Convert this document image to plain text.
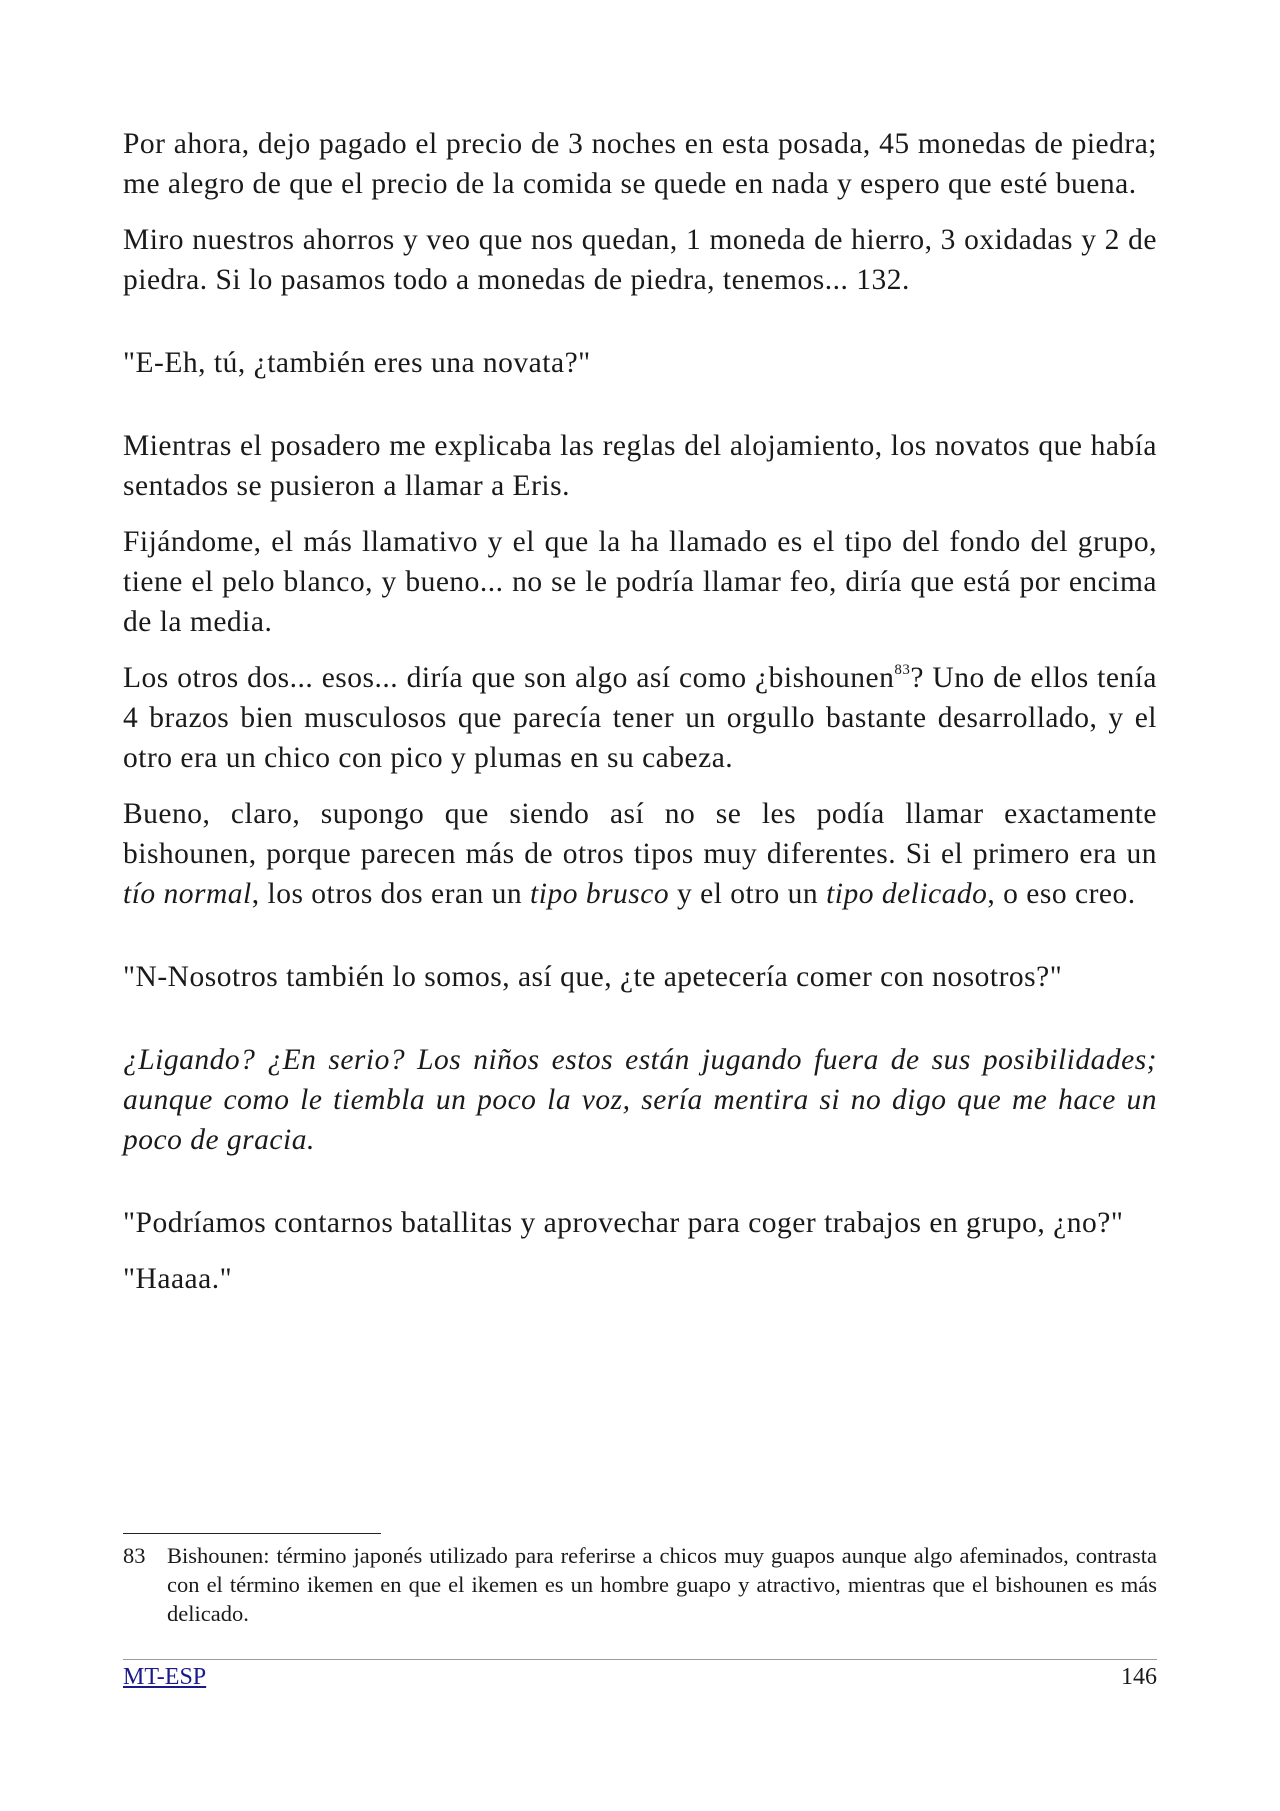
Por ahora, dejo pagado el precio de 3 noches en esta posada, 45 monedas de piedra; me alegro de que el precio de la comida se quede en nada y espero que esté buena.

Miro nuestros ahorros y veo que nos quedan, 1 moneda de hierro, 3 oxidadas y 2 de piedra. Si lo pasamos todo a monedas de piedra, tenemos... 132.

"E-Eh, tú, ¿también eres una novata?"

Mientras el posadero me explicaba las reglas del alojamiento, los novatos que había sentados se pusieron a llamar a Eris.

Fijándome, el más llamativo y el que la ha llamado es el tipo del fondo del grupo, tiene el pelo blanco, y bueno... no se le podría llamar feo, diría que está por encima de la media.

Los otros dos... esos... diría que son algo así como ¿bishounen$^{83}$? Uno de ellos tenía 4 brazos bien musculosos que parecía tener un orgullo bastante desarrollado, y el otro era un chico con pico y plumas en su cabeza.

Bueno, claro, supongo que siendo así no se les podía llamar exactamente bishounen, porque parecen más de otros tipos muy diferentes. Si el primero era un tío normal, los otros dos eran un tipo brusco y el otro un tipo delicado, o eso creo.

"N-Nosotros también lo somos, así que, ¿te apetecería comer con nosotros?"

¿Ligando? ¿En serio? Los niños estos están jugando fuera de sus posibilidades; aunque como le tiembla un poco la voz, sería mentira si no digo que me hace un poco de gracia.

"Podríamos contarnos batallitas y aprovechar para coger trabajos en grupo, ¿no?"

"Haaaa."

83 Bishounen: término japonés utilizado para referirse a chicos muy guapos aunque algo afeminados, contrasta con el término ikemen en que el ikemen es un hombre guapo y atractivo, mientras que el bishounen es más delicado.
MT-ESP	146
